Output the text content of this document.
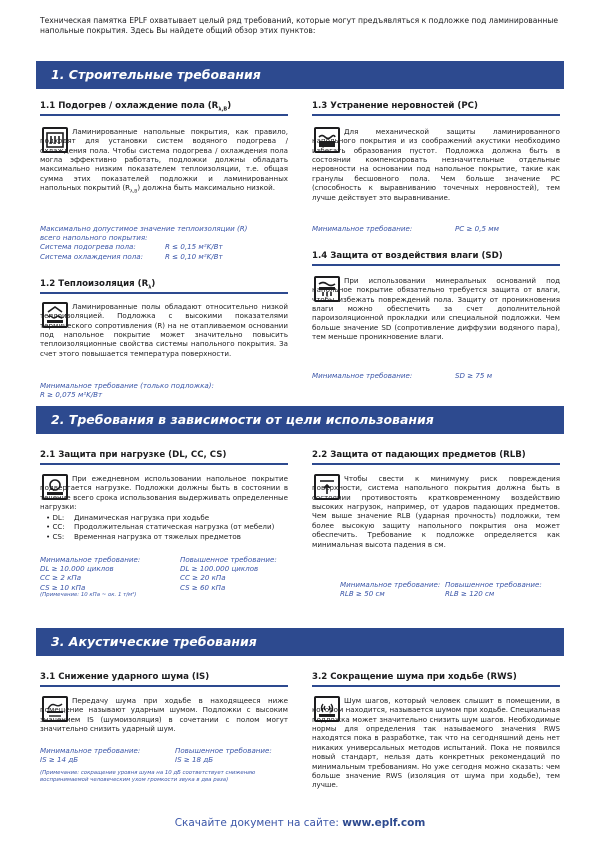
Техническая памятка EPLF охватывает целый ряд требований, которые могут предъявляться к подложке под ламинированные напольные покрытия. Здесь Вы найдете общий обзор этих пунктов:
1. Строительные требования
1.1 Подогрев / охлаждение пола $(R_{\lambda,B})$
Ламинированные напольные покрытия, как правило, подходят для установки систем водяного подогрева / охлаждения пола. Чтобы система подогрева / охлаждения пола могла эффективно работать, подложки должны обладать максимально низким показателем теплоизоляции, т.е. общая сумма этих показателей подложки и ламинированных напольных покрытий $(R_{\lambda,B})$ должна быть максимально низкой.
Максимально допустимое значение теплоизоляции (R)
всего напольного покрытия:
Система подогрева пола:	R ≤ 0,15 м²K/Вт
Система охлаждения пола:	R ≤ 0,10 м²K/Вт
1.2 Теплоизоляция $(R_\lambda)$
Ламинированные полы обладают относительно низкой теплоизоляцией. Подложка с высокими показателями термического сопротивления (R) на не отапливаемом основании под напольное покрытие может значительно повысить теплоизоляционные свойства системы напольного покрытия. За счет этого повышается температура поверхности.
Минимальное требование (только подложка):
R ≥ 0,075 м²K/Вт
1.3 Устранение неровностей (PC)
Для механической защиты ламинированного напольного покрытия и из соображений акустики необходимо избегать образования пустот. Подложка должна быть в состоянии компенсировать незначительные отдельные неровности на основании под напольное покрытие, такие как гранулы бесшовного пола. Чем больше значение PC (способность к выравниванию точечных неровностей), тем лучше действует это выравнивание.
Минимальное требование:	PC ≥ 0,5 мм
1.4 Защита от воздействия влаги (SD)
При использовании минеральных оснований под напольное покрытие обязательно требуется защита от влаги, чтобы избежать повреждений пола. Защиту от проникновения влаги можно обеспечить за счет дополнительной пароизоляционной прокладки или специальной подложки. Чем больше значение SD (сопротивление диффузии водяного пара), тем меньше проникновение влаги.
Минимальное требование:	SD ≥ 75 м
2. Требования в зависимости от цели использования
2.1 Защита при нагрузке (DL, CC, CS)
При ежедневном использовании напольное покрытие подвергается нагрузке. Подложки должны быть в состоянии в течение всего срока использования выдерживать определенные нагрузки:
• DL:	Динамическая нагрузка при ходьбе
• CC:	Продолжительная статическая нагрузка (от мебели)
• CS:	Временная нагрузка от тяжелых предметов
Минимальное требование:
DL ≥ 10.000 циклов
CC ≥ 2 кПа
CS ≥ 10 кПа
(Примечание: 10 кПа ~ ок. 1 т/м²)
Повышенное требование:
DL ≥ 100.000 циклов
CC ≥ 20 кПа
CS ≥ 60 кПа
2.2 Защита от падающих предметов (RLB)
Чтобы свести к минимуму риск повреждения поверхности, система напольного покрытия должна быть в состоянии противостоять кратковременному воздействию высоких нагрузок, например, от ударов падающих предметов. Чем выше значение RLB (ударная прочность) подложки, тем более высокую защиту напольного покрытия она может обеспечить. Требование к подложке определяется как минимальная высота падения в см.
Минимальное требование:
RLB ≥ 50 см
Повышенное требование:
RLB ≥ 120 см
3. Акустические требования
3.1 Снижение ударного шума (IS)
Передачу шума при ходьбе в находящееся ниже помещение называют ударным шумом. Подложки с высоким значением IS (шумоизоляция) в сочетании с полом могут значительно снизить ударный шум.
Минимальное требование:
IS ≥ 14 дБ
Повышенное требование:
IS ≥ 18 дБ
(Примечание: сокращение уровня шума на 10 дБ соответствует снижению воспринимаемой человеческим ухом громкости звука в два раза)
3.2 Сокращение шума при ходьбе (RWS)
Шум шагов, который человек слышит в помещении, в котором находится, называется шумом при ходьбе. Специальная подложка может значительно снизить шум шагов. Необходимые нормы для определения так называемого значения RWS находятся пока в разработке, так что на сегодняшний день нет никаких универсальных методов испытаний. Пока не появился новый стандарт, нельзя дать конкретных рекомендаций по минимальным требованиям. Но уже сегодня можно сказать: чем больше значение RWS (изоляция от шума при ходьбе), тем лучше.
Скачайте документ на сайте: www.eplf.com
